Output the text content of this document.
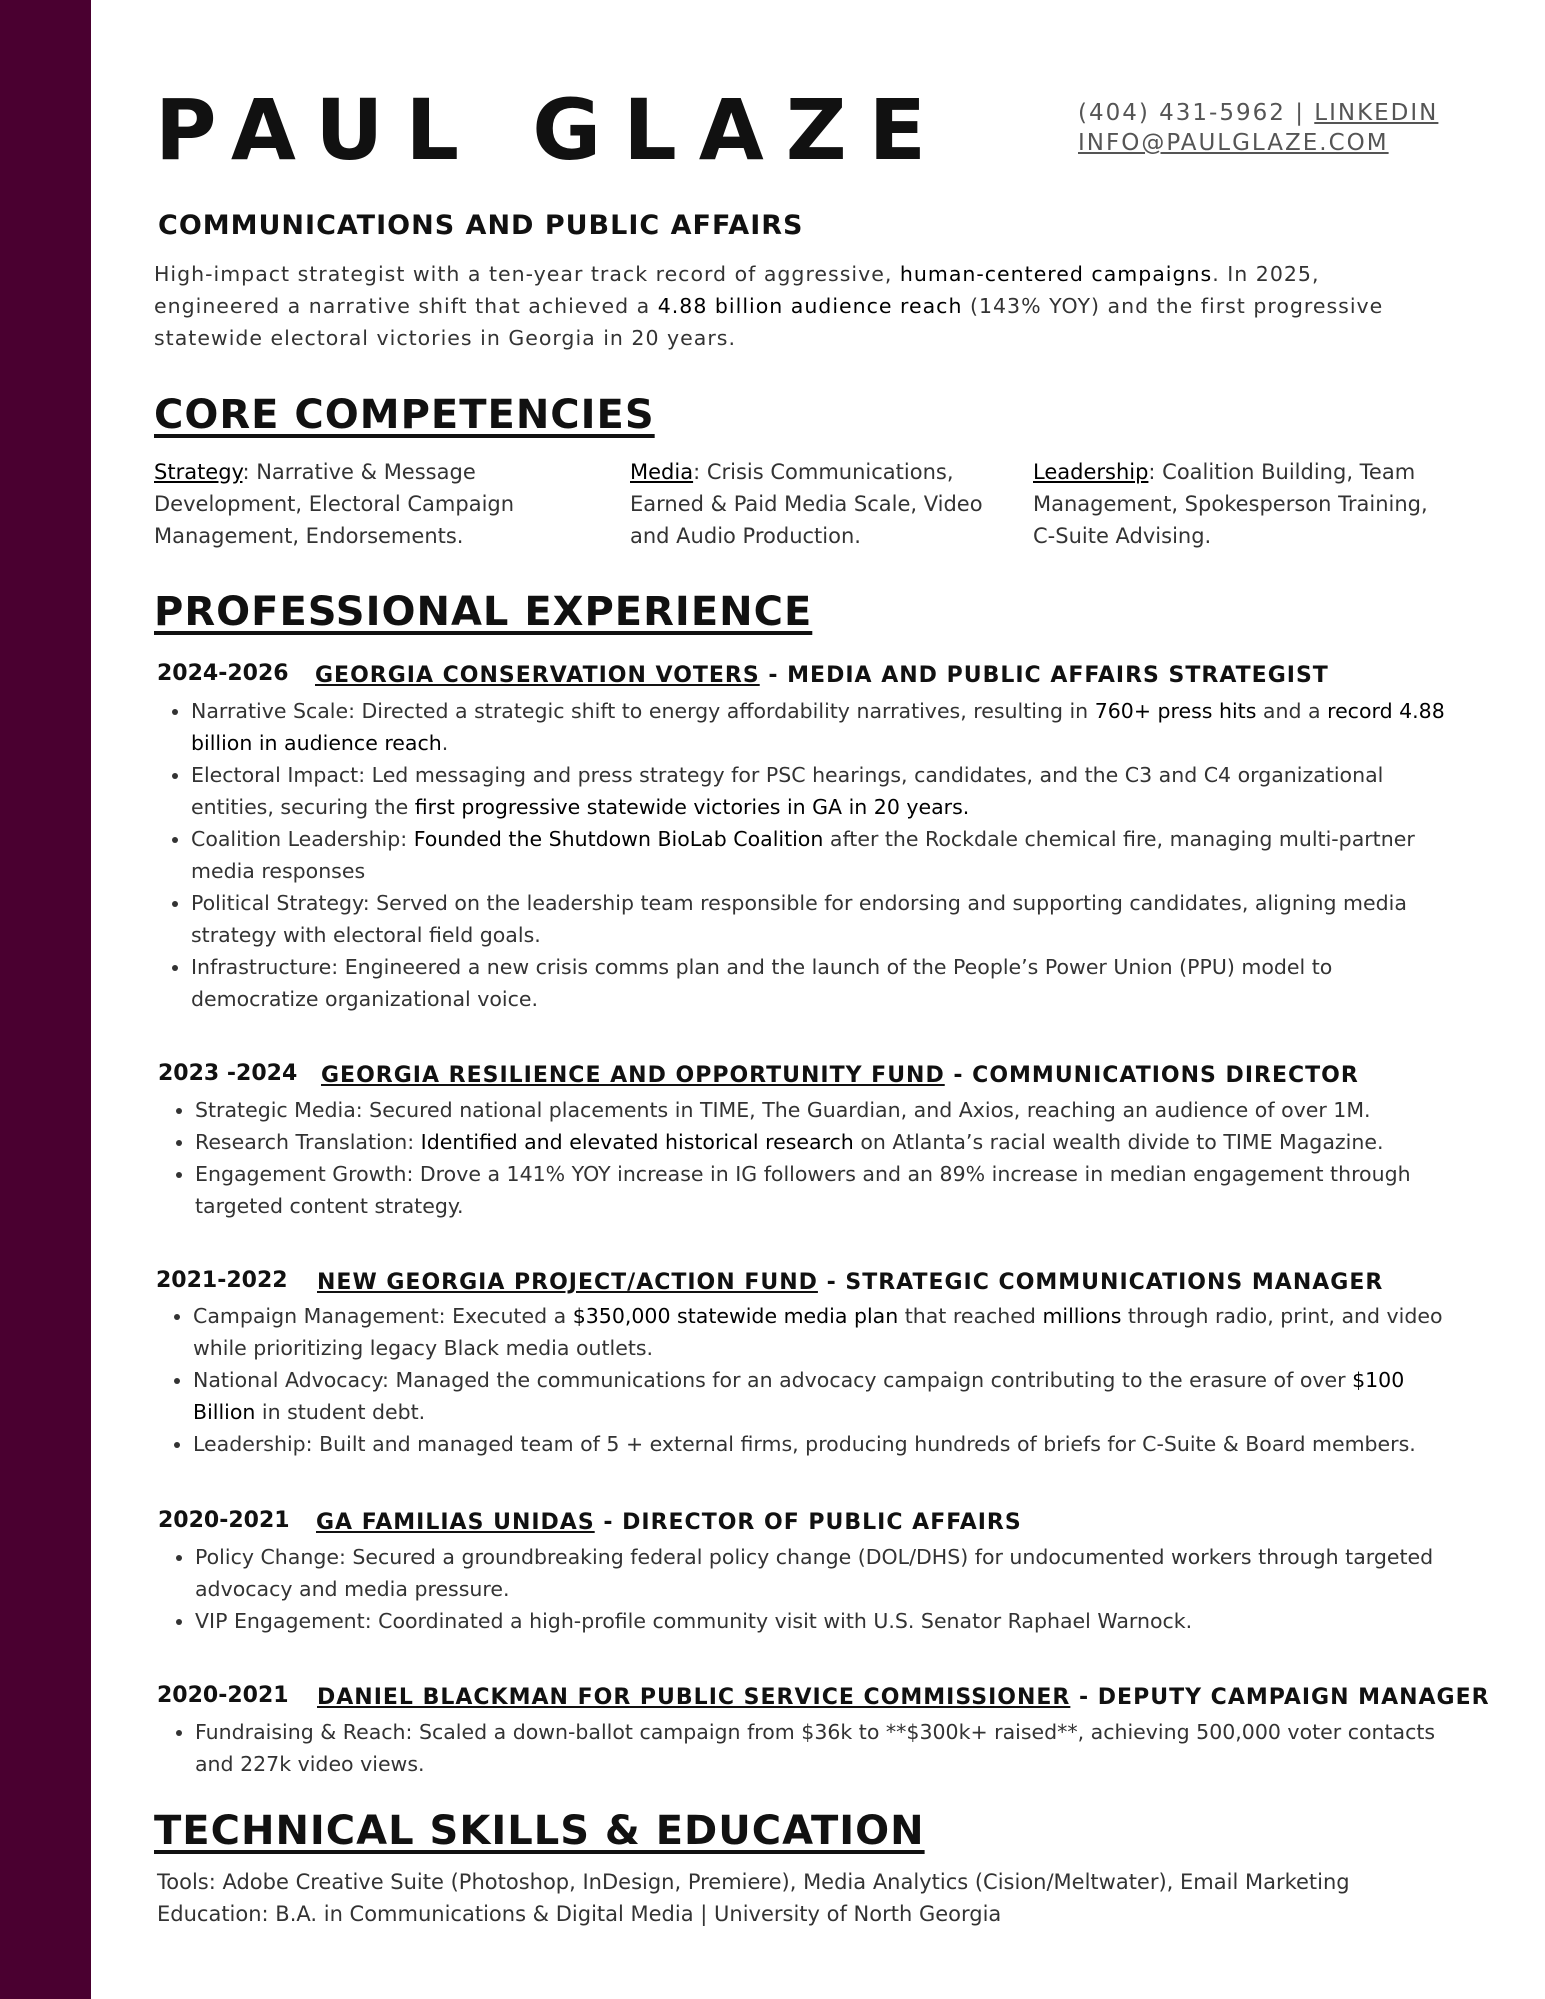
PAUL GLAZE	(404) 431-5962 | LINKEDIN
INFO@PAULGLAZE.COM
COMMUNICATIONS AND PUBLIC AFFAIRS
High-impact strategist with a ten-year track record of aggressive, human-centered campaigns. In 2025, engineered a narrative shift that achieved a 4.88 billion audience reach (143% YOY) and the first progressive statewide electoral victories in Georgia in 20 years.
CORE COMPETENCIES
Strategy: Narrative & Message Development, Electoral Campaign Management, Endorsements.
Media: Crisis Communications, Earned & Paid Media Scale, Video and Audio Production.
Leadership: Coalition Building, Team Management, Spokesperson Training, C-Suite Advising.
PROFESSIONAL EXPERIENCE
2024-2026 GEORGIA CONSERVATION VOTERS - MEDIA AND PUBLIC AFFAIRS STRATEGIST
• Narrative Scale: Directed a strategic shift to energy affordability narratives, resulting in 760+ press hits and a record 4.88 billion in audience reach.
• Electoral Impact: Led messaging and press strategy for PSC hearings, candidates, and the C3 and C4 organizational entities, securing the first progressive statewide victories in GA in 20 years.
• Coalition Leadership: Founded the Shutdown BioLab Coalition after the Rockdale chemical fire, managing multi-partner media responses
• Political Strategy: Served on the leadership team responsible for endorsing and supporting candidates, aligning media strategy with electoral field goals.
• Infrastructure: Engineered a new crisis comms plan and the launch of the People’s Power Union (PPU) model to democratize organizational voice.
2023 -2024 GEORGIA RESILIENCE AND OPPORTUNITY FUND - COMMUNICATIONS DIRECTOR
• Strategic Media: Secured national placements in TIME, The Guardian, and Axios, reaching an audience of over 1M.
• Research Translation: Identified and elevated historical research on Atlanta’s racial wealth divide to TIME Magazine.
• Engagement Growth: Drove a 141% YOY increase in IG followers and an 89% increase in median engagement through targeted content strategy.
2021-2022 NEW GEORGIA PROJECT/ACTION FUND - STRATEGIC COMMUNICATIONS MANAGER
• Campaign Management: Executed a $350,000 statewide media plan that reached millions through radio, print, and video while prioritizing legacy Black media outlets.
• National Advocacy: Managed the communications for an advocacy campaign contributing to the erasure of over $100 Billion in student debt.
• Leadership: Built and managed team of 5 + external firms, producing hundreds of briefs for C-Suite & Board members.
2020-2021 GA FAMILIAS UNIDAS - DIRECTOR OF PUBLIC AFFAIRS
• Policy Change: Secured a groundbreaking federal policy change (DOL/DHS) for undocumented workers through targeted advocacy and media pressure.
• VIP Engagement: Coordinated a high-profile community visit with U.S. Senator Raphael Warnock.
2020-2021 DANIEL BLACKMAN FOR PUBLIC SERVICE COMMISSIONER - DEPUTY CAMPAIGN MANAGER
• Fundraising & Reach: Scaled a down-ballot campaign from $36k to **$300k+ raised**, achieving 500,000 voter contacts and 227k video views.
TECHNICAL SKILLS & EDUCATION
Tools: Adobe Creative Suite (Photoshop, InDesign, Premiere), Media Analytics (Cision/Meltwater), Email Marketing
Education: B.A. in Communications & Digital Media | University of North Georgia
